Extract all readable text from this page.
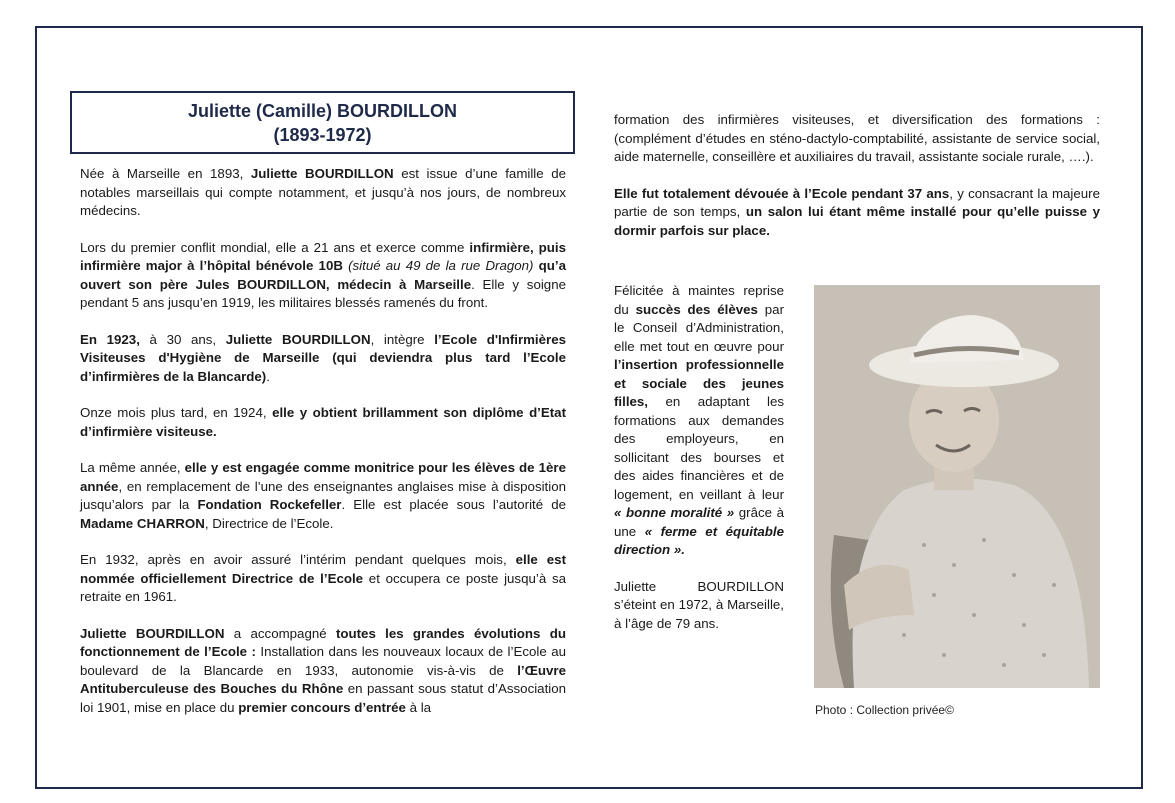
Juliette (Camille) BOURDILLON
(1893-1972)

Née à Marseille en 1893, Juliette BOURDILLON est issue d’une famille de notables marseillais qui compte notamment, et jusqu’à nos jours, de nombreux médecins.

Lors du premier conflit mondial, elle a 21 ans et exerce comme infirmière, puis infirmière major à l’hôpital bénévole 10B (situé au 49 de la rue Dragon) qu’a ouvert son père Jules BOURDILLON, médecin à Marseille. Elle y soigne pendant 5 ans jusqu’en 1919, les militaires blessés ramenés du front.

En 1923, à 30 ans, Juliette BOURDILLON, intègre l’Ecole d'Infirmières Visiteuses d'Hygiène de Marseille (qui deviendra plus tard l’Ecole d’infirmières de la Blancarde).

Onze mois plus tard, en 1924, elle y obtient brillamment son diplôme d’Etat d’infirmière visiteuse.

La même année, elle y est engagée comme monitrice pour les élèves de 1ère année, en remplacement de l’une des enseignantes anglaises mise à disposition jusqu’alors par la Fondation Rockefeller. Elle est placée sous l’autorité de Madame CHARRON, Directrice de l’Ecole.

En 1932, après en avoir assuré l’intérim pendant quelques mois, elle est nommée officiellement Directrice de l’Ecole et occupera ce poste jusqu’à sa retraite en 1961.

Juliette BOURDILLON a accompagné toutes les grandes évolutions du fonctionnement de l’Ecole : Installation dans les nouveaux locaux de l’Ecole au boulevard de la Blancarde en 1933, autonomie vis-à-vis de l’Œuvre Antituberculeuse des Bouches du Rhône en passant sous statut d’Association loi 1901, mise en place du premier concours d’entrée à la

formation des infirmières visiteuses, et diversification des formations : (complément d’études en sténo-dactylo-comptabilité, assistante de service social, aide maternelle, conseillère et auxiliaires du travail, assistante sociale rurale, ….).

Elle fut totalement dévouée à l’Ecole pendant 37 ans, y consacrant la majeure partie de son temps, un salon lui étant même installé pour qu’elle puisse y dormir parfois sur place.

Félicitée à maintes reprise du succès des élèves par le Conseil d’Administration, elle met tout en œuvre pour l’insertion professionnelle et sociale des jeunes filles, en adaptant les formations aux demandes des employeurs, en sollicitant des bourses et des aides financières et de logement, en veillant à leur « bonne moralité » grâce à une « ferme et équitable direction ».

Juliette BOURDILLON s’éteint en 1972, à Marseille, à l’âge de 79 ans.

Photo : Collection privée©
